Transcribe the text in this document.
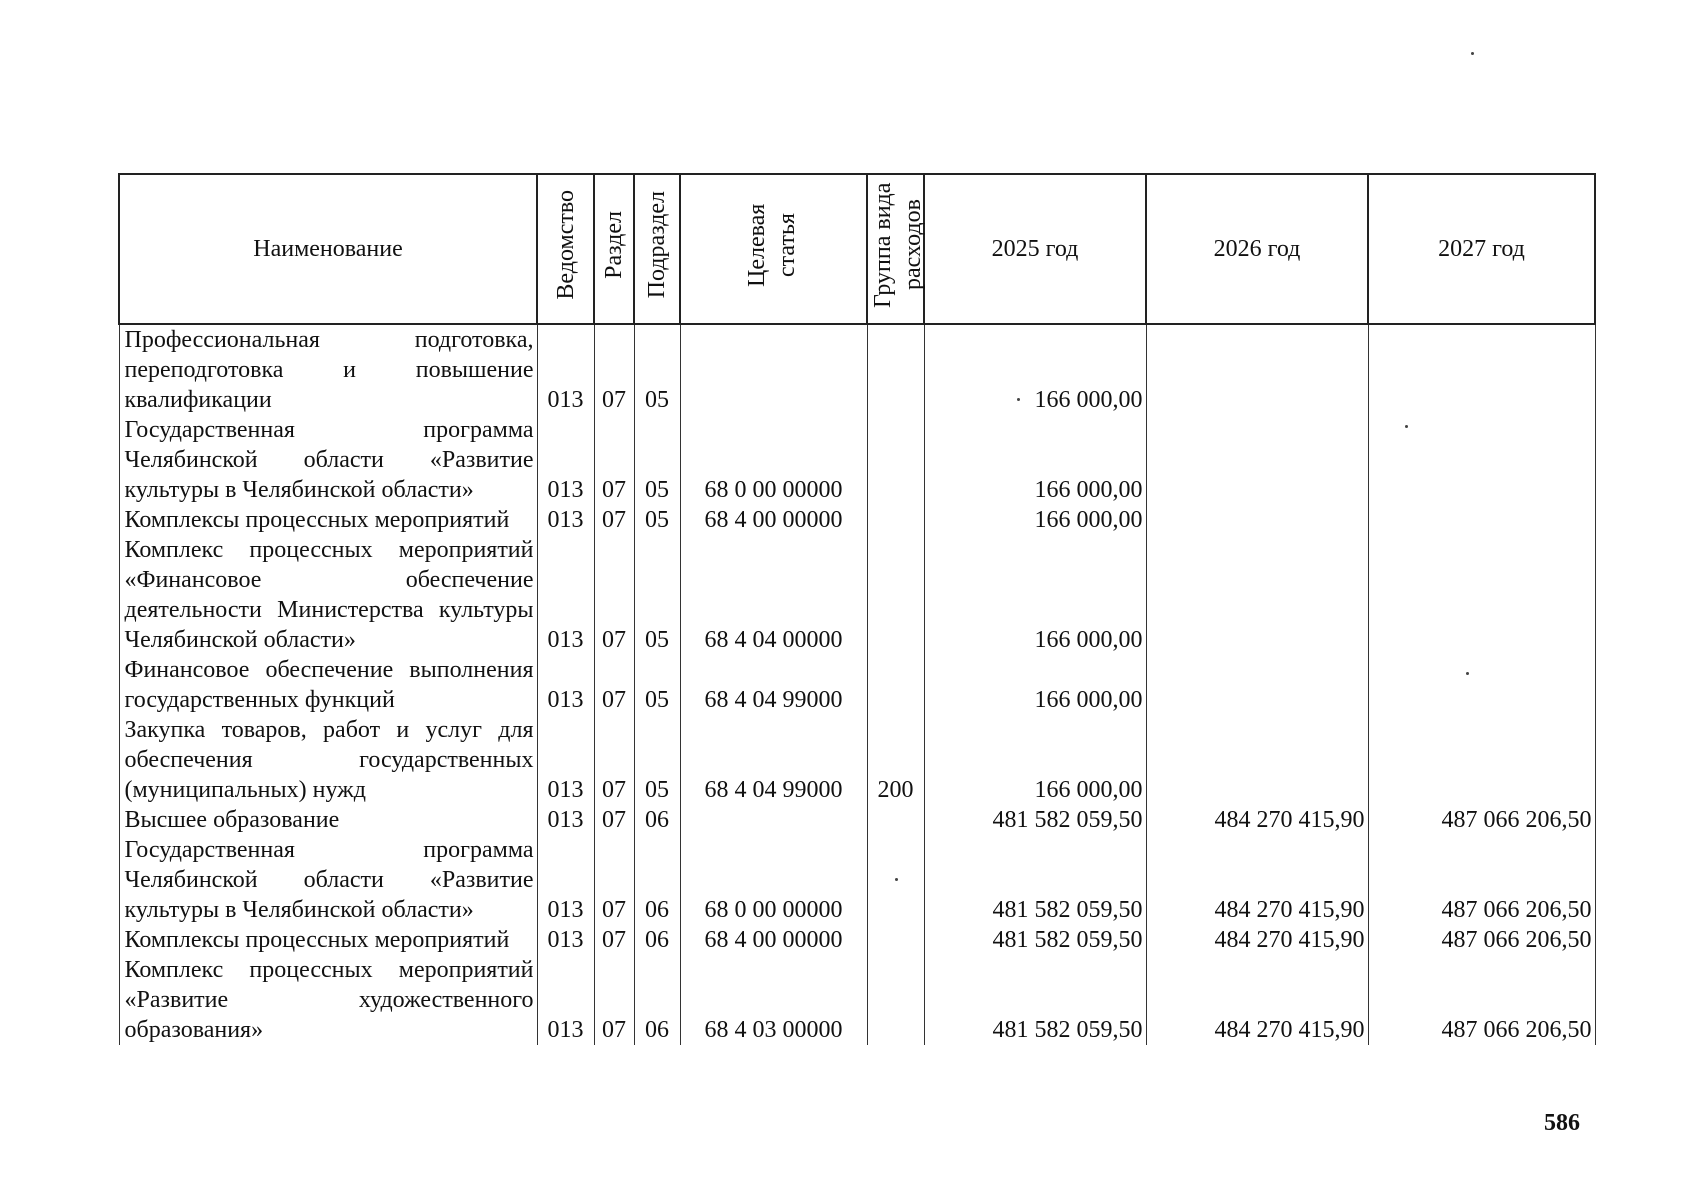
Наименование	Ведомство	Раздел	Подраздел	Целевая статья	Группа вида расходов	2025 год	2026 год	2027 год
Профессиональная подготовка, переподготовка и повышение квалификации	013	07	05			166 000,00		
Государственная программа Челябинской области «Развитие культуры в Челябинской области»	013	07	05	68 0 00 00000		166 000,00		
Комплексы процессных мероприятий	013	07	05	68 4 00 00000		166 000,00		
Комплекс процессных мероприятий «Финансовое обеспечение деятельности Министерства культуры Челябинской области»	013	07	05	68 4 04 00000		166 000,00		
Финансовое обеспечение выполнения государственных функций	013	07	05	68 4 04 99000		166 000,00		
Закупка товаров, работ и услуг для обеспечения государственных (муниципальных) нужд	013	07	05	68 4 04 99000	200	166 000,00		
Высшее образование	013	07	06			481 582 059,50	484 270 415,90	487 066 206,50
Государственная программа Челябинской области «Развитие культуры в Челябинской области»	013	07	06	68 0 00 00000		481 582 059,50	484 270 415,90	487 066 206,50
Комплексы процессных мероприятий	013	07	06	68 4 00 00000		481 582 059,50	484 270 415,90	487 066 206,50
Комплекс процессных мероприятий «Развитие художественного образования»	013	07	06	68 4 03 00000		481 582 059,50	484 270 415,90	487 066 206,50
586
